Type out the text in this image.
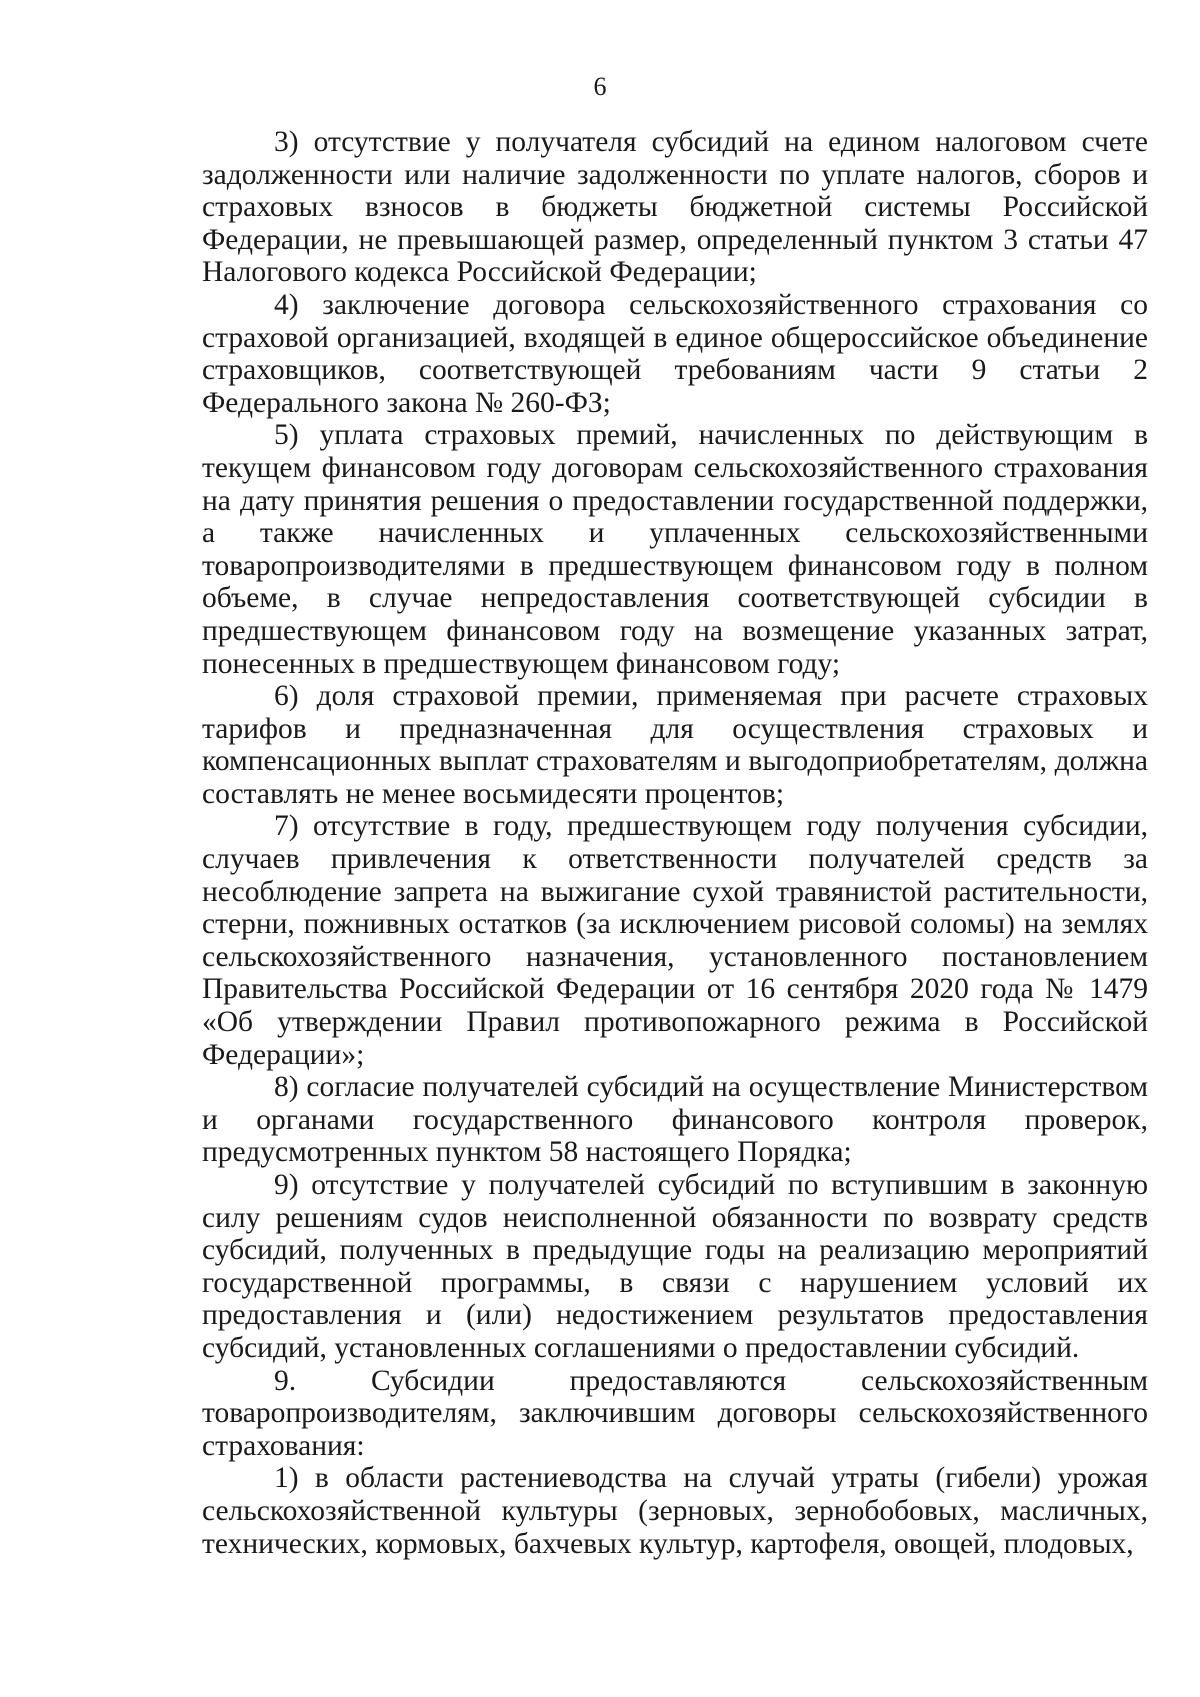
6

3) отсутствие у получателя субсидий на едином налоговом счете задолженности или наличие задолженности по уплате налогов, сборов и страховых взносов в бюджеты бюджетной системы Российской Федерации, не превышающей размер, определенный пунктом 3 статьи 47 Налогового кодекса Российской Федерации;

4) заключение договора сельскохозяйственного страхования со страховой организацией, входящей в единое общероссийское объединение страховщиков, соответствующей требованиям части 9 статьи 2 Федерального закона № 260-ФЗ;

5) уплата страховых премий, начисленных по действующим в текущем финансовом году договорам сельскохозяйственного страхования на дату принятия решения о предоставлении государственной поддержки, а также начисленных и уплаченных сельскохозяйственными товаропроизводителями в предшествующем финансовом году в полном объеме, в случае непредоставления соответствующей субсидии в предшествующем финансовом году на возмещение указанных затрат, понесенных в предшествующем финансовом году;

6) доля страховой премии, применяемая при расчете страховых тарифов и предназначенная для осуществления страховых и компенсационных выплат страхователям и выгодоприобретателям, должна составлять не менее восьмидесяти процентов;

7) отсутствие в году, предшествующем году получения субсидии, случаев привлечения к ответственности получателей средств за несоблюдение запрета на выжигание сухой травянистой растительности, стерни, пожнивных остатков (за исключением рисовой соломы) на землях сельскохозяйственного назначения, установленного постановлением Правительства Российской Федерации от 16 сентября 2020 года № 1479 «Об утверждении Правил противопожарного режима в Российской Федерации»;

8) согласие получателей субсидий на осуществление Министерством и органами государственного финансового контроля проверок, предусмотренных пунктом 58 настоящего Порядка;

9) отсутствие у получателей субсидий по вступившим в законную силу решениям судов неисполненной обязанности по возврату средств субсидий, полученных в предыдущие годы на реализацию мероприятий государственной программы, в связи с нарушением условий их предоставления и (или) недостижением результатов предоставления субсидий, установленных соглашениями о предоставлении субсидий.

9. Субсидии предоставляются сельскохозяйственным товаропроизводителям, заключившим договоры сельскохозяйственного страхования:

1) в области растениеводства на случай утраты (гибели) урожая сельскохозяйственной культуры (зерновых, зернобобовых, масличных, технических, кормовых, бахчевых культур, картофеля, овощей, плодовых,
